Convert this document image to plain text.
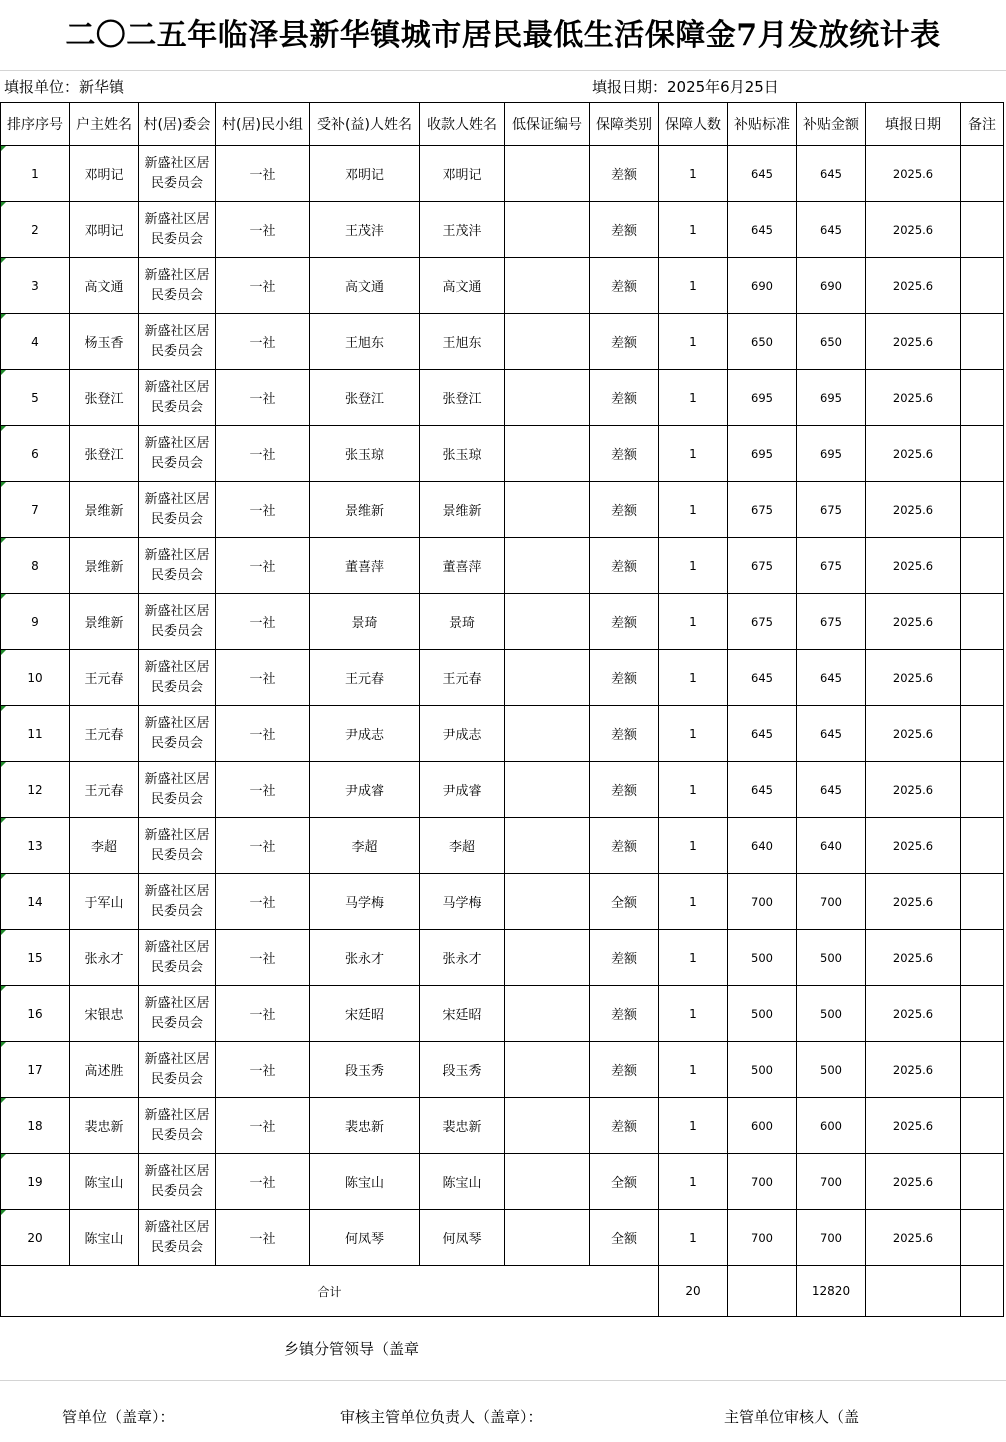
二〇二五年临泽县新华镇城市居民最低生活保障金7月发放统计表
填报单位：新华镇	填报日期：2025年6月25日
排序序号	户主姓名	村(居)委会	村(居)民小组	受补(益)人姓名	收款人姓名	低保证编号	保障类别	保障人数	补贴标准	补贴金额	填报日期	备注
1	邓明记	新盛社区居民委员会	一社	邓明记	邓明记		差额	1	645	645	2025.6	
2	邓明记	新盛社区居民委员会	一社	王茂沣	王茂沣		差额	1	645	645	2025.6	
3	高文通	新盛社区居民委员会	一社	高文通	高文通		差额	1	690	690	2025.6	
4	杨玉香	新盛社区居民委员会	一社	王旭东	王旭东		差额	1	650	650	2025.6	
5	张登江	新盛社区居民委员会	一社	张登江	张登江		差额	1	695	695	2025.6	
6	张登江	新盛社区居民委员会	一社	张玉琼	张玉琼		差额	1	695	695	2025.6	
7	景维新	新盛社区居民委员会	一社	景维新	景维新		差额	1	675	675	2025.6	
8	景维新	新盛社区居民委员会	一社	董喜萍	董喜萍		差额	1	675	675	2025.6	
9	景维新	新盛社区居民委员会	一社	景琦	景琦		差额	1	675	675	2025.6	
10	王元春	新盛社区居民委员会	一社	王元春	王元春		差额	1	645	645	2025.6	
11	王元春	新盛社区居民委员会	一社	尹成志	尹成志		差额	1	645	645	2025.6	
12	王元春	新盛社区居民委员会	一社	尹成睿	尹成睿		差额	1	645	645	2025.6	
13	李超	新盛社区居民委员会	一社	李超	李超		差额	1	640	640	2025.6	
14	于军山	新盛社区居民委员会	一社	马学梅	马学梅		全额	1	700	700	2025.6	
15	张永才	新盛社区居民委员会	一社	张永才	张永才		差额	1	500	500	2025.6	
16	宋银忠	新盛社区居民委员会	一社	宋廷昭	宋廷昭		差额	1	500	500	2025.6	
17	高述胜	新盛社区居民委员会	一社	段玉秀	段玉秀		差额	1	500	500	2025.6	
18	裴忠新	新盛社区居民委员会	一社	裴忠新	裴忠新		差额	1	600	600	2025.6	
19	陈宝山	新盛社区居民委员会	一社	陈宝山	陈宝山		全额	1	700	700	2025.6	
20	陈宝山	新盛社区居民委员会	一社	何凤琴	何凤琴		全额	1	700	700	2025.6	
合计								20		12820		
乡镇分管领导（盖章
管单位（盖章）：	审核主管单位负责人（盖章）：	主管单位审核人（盖
